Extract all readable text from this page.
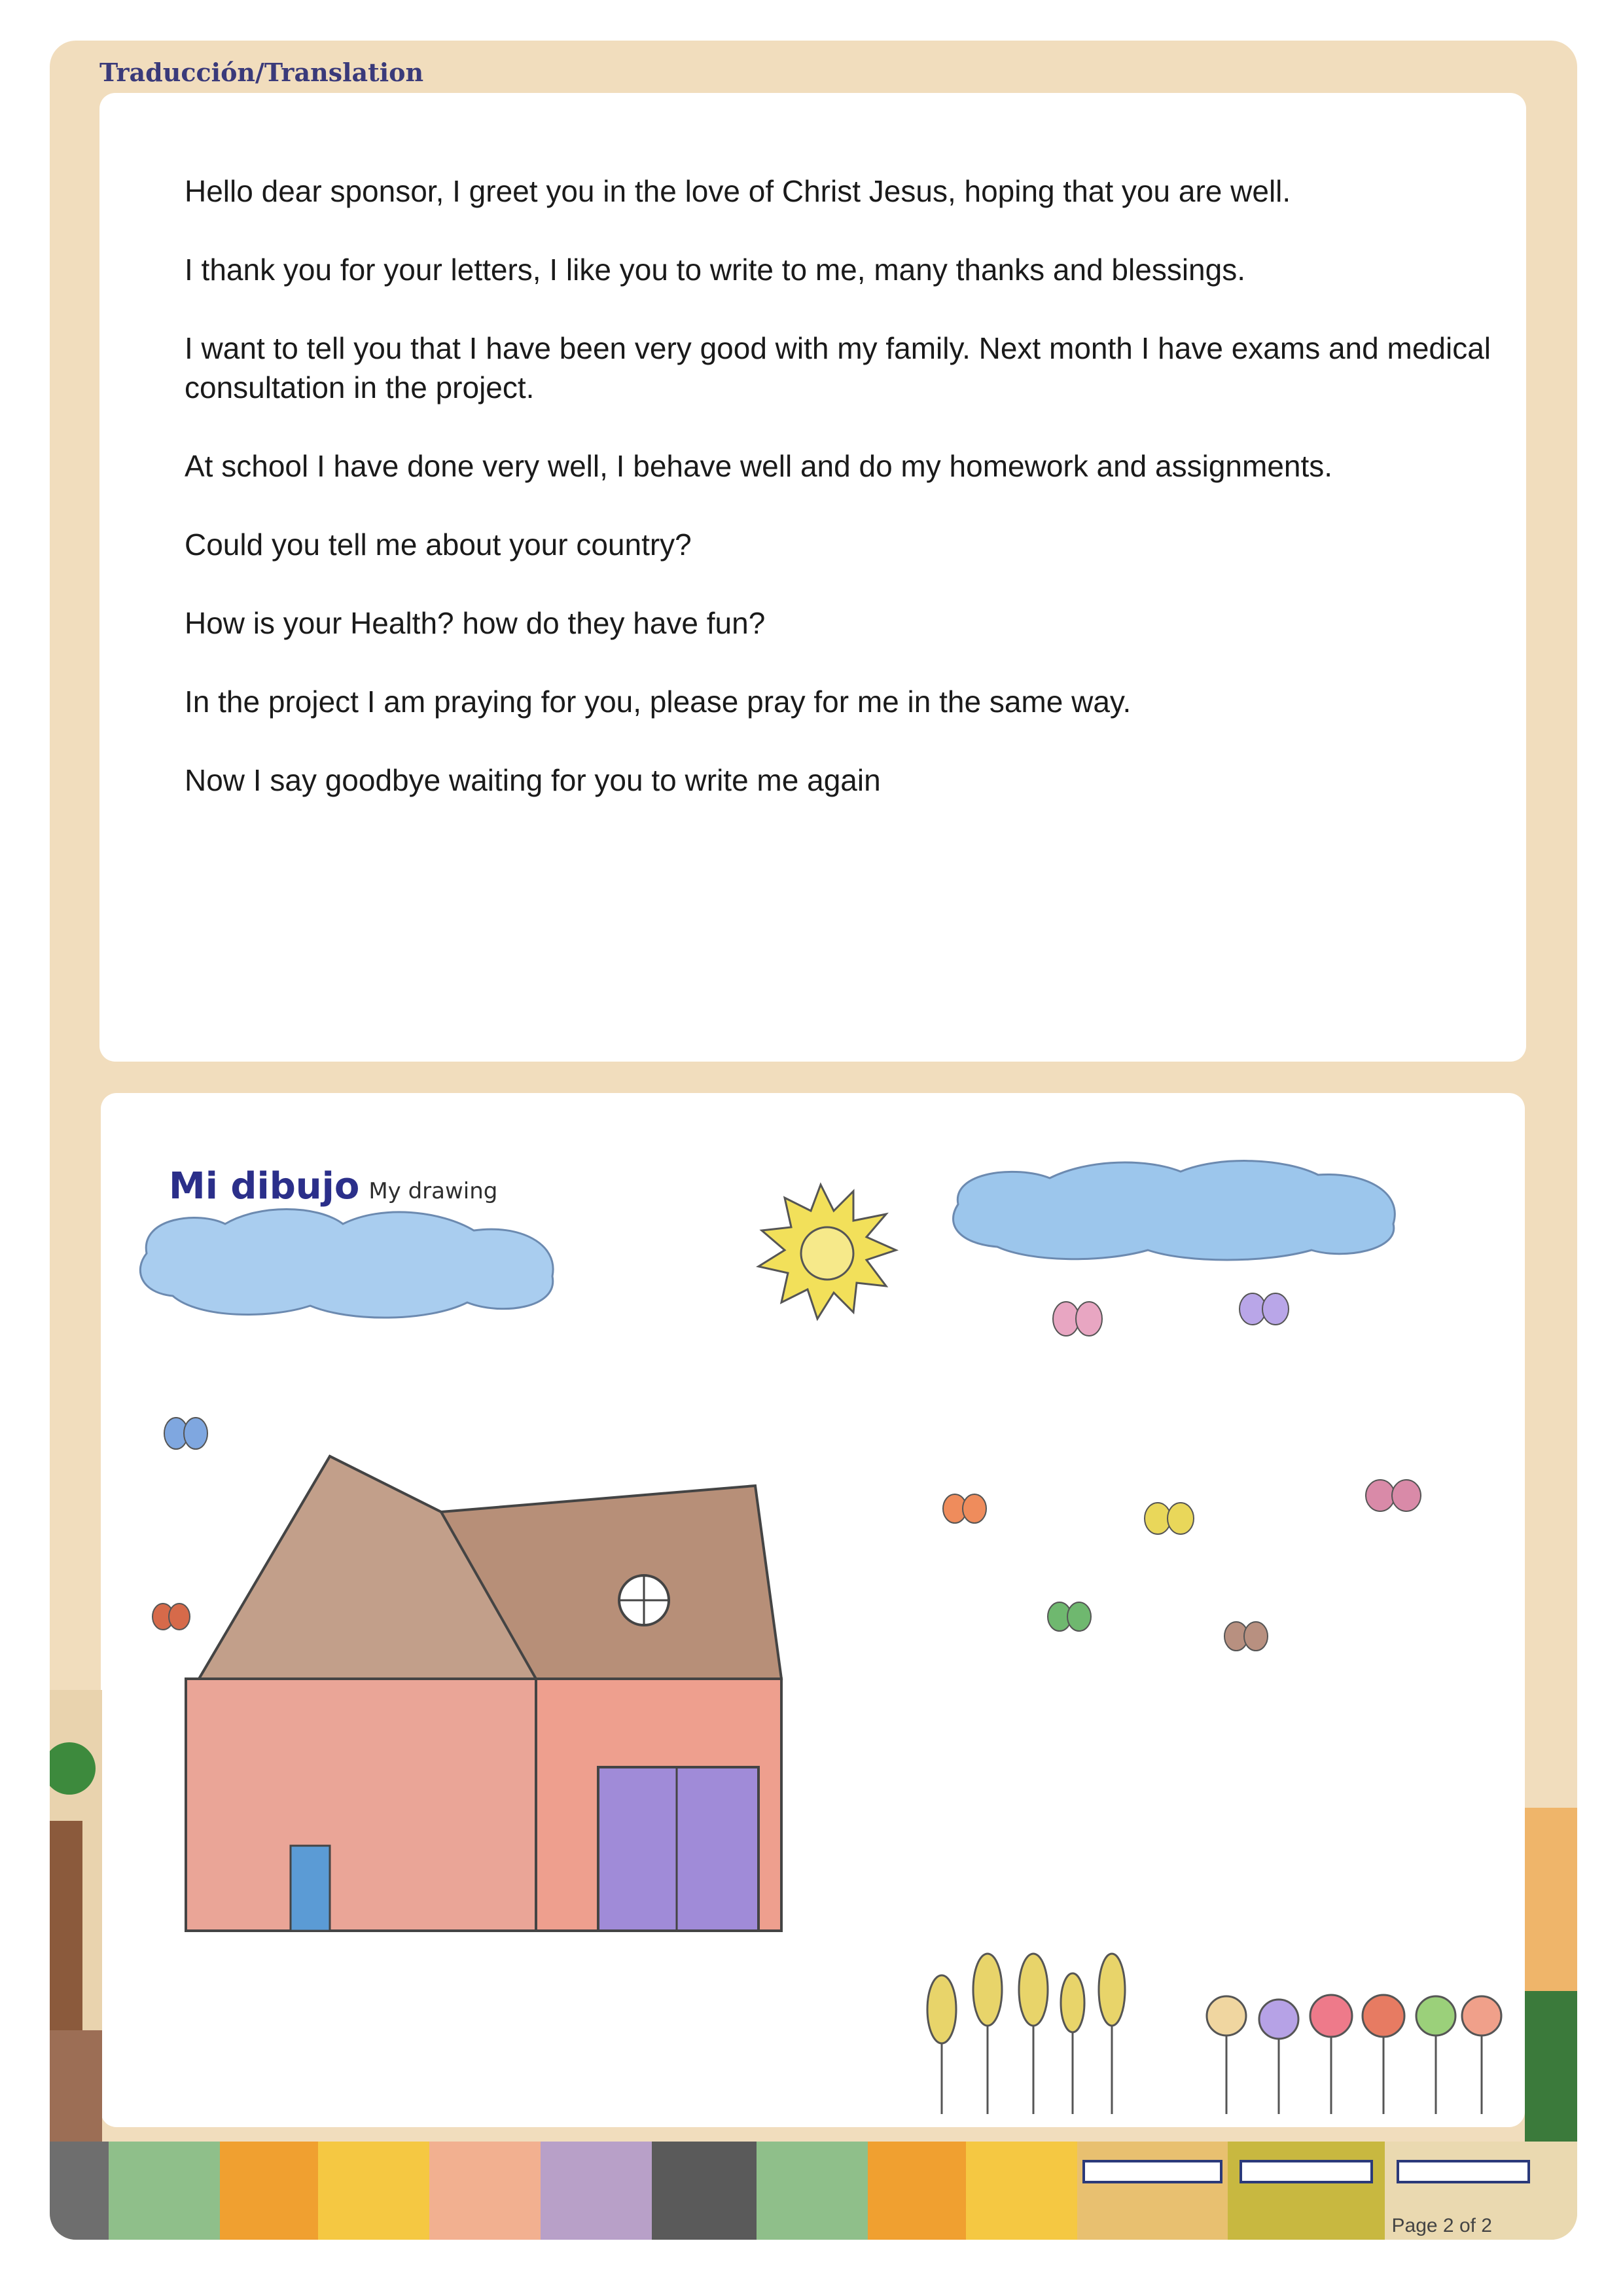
Traducción/Translation

Hello dear sponsor, I greet you in the love of Christ Jesus, hoping that you are well.

I thank you for your letters, I like you to write to me, many thanks and blessings.

I want to tell you that I have been very good with my family. Next month I have exams and medical consultation in the project.

At school I have done very well, I behave well and do my homework and assignments.

Could you tell me about your country?

How is your Health? how do they have fun?

In the project I am praying for you, please pray for me in the same way.

Now I say goodbye waiting for you to write me again

Mi dibujo My drawing
Page 2 of 2
